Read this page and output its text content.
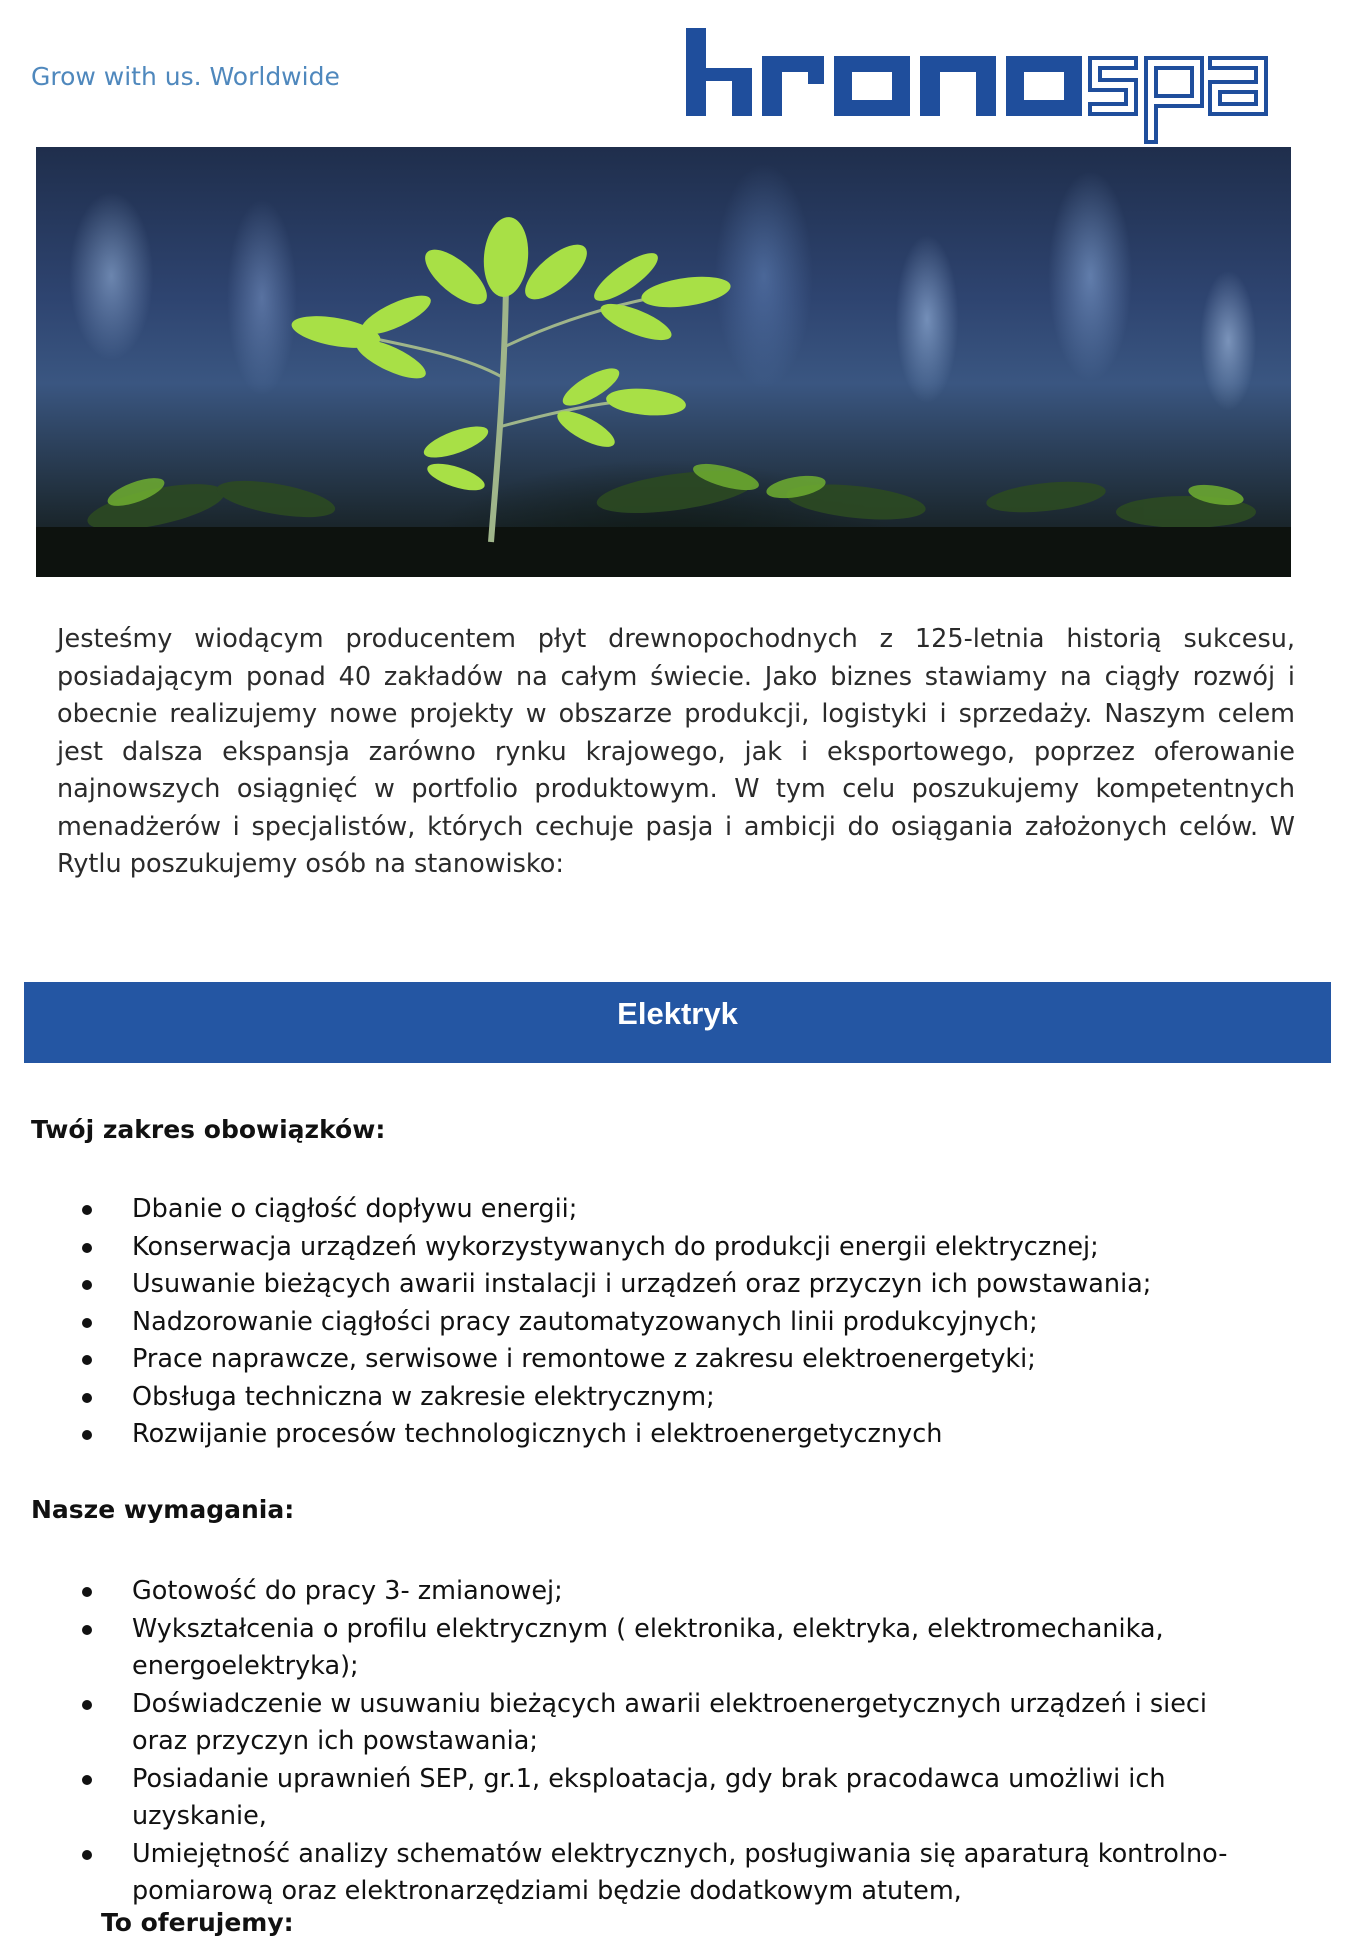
Grow with us. Worldwide

Jesteśmy wiodącym producentem płyt drewnopochodnych z 125-letnia historią sukcesu, posiadającym ponad 40 zakładów na całym świecie. Jako biznes stawiamy na ciągły rozwój i obecnie realizujemy nowe projekty w obszarze produkcji, logistyki i sprzedaży. Naszym celem jest dalsza ekspansja zarówno rynku krajowego, jak i eksportowego, poprzez oferowanie najnowszych osiągnięć w portfolio produktowym. W tym celu poszukujemy kompetentnych menadżerów i specjalistów, których cechuje pasja i ambicji do osiągania założonych celów. W Rytlu poszukujemy osób na stanowisko:

Elektryk
Twój zakres obowiązków:
Dbanie o ciągłość dopływu energii;
Konserwacja urządzeń wykorzystywanych do produkcji energii elektrycznej;
Usuwanie bieżących awarii instalacji i urządzeń oraz przyczyn ich powstawania;
Nadzorowanie ciągłości pracy zautomatyzowanych linii produkcyjnych;
Prace naprawcze, serwisowe i remontowe z zakresu elektroenergetyki;
Obsługa techniczna w zakresie elektrycznym;
Rozwijanie procesów technologicznych i elektroenergetycznych
Nasze wymagania:
Gotowość do pracy 3- zmianowej;
Wykształcenia o profilu elektrycznym ( elektronika, elektryka, elektromechanika, energoelektryka);
Doświadczenie w usuwaniu bieżących awarii elektroenergetycznych urządzeń i sieci oraz przyczyn ich powstawania;
Posiadanie uprawnień SEP, gr.1, eksploatacja, gdy brak pracodawca umożliwi ich uzyskanie,
Umiejętność analizy schematów elektrycznych, posługiwania się aparaturą kontrolno-pomiarową oraz elektronarzędziami będzie dodatkowym atutem,
To oferujemy:
